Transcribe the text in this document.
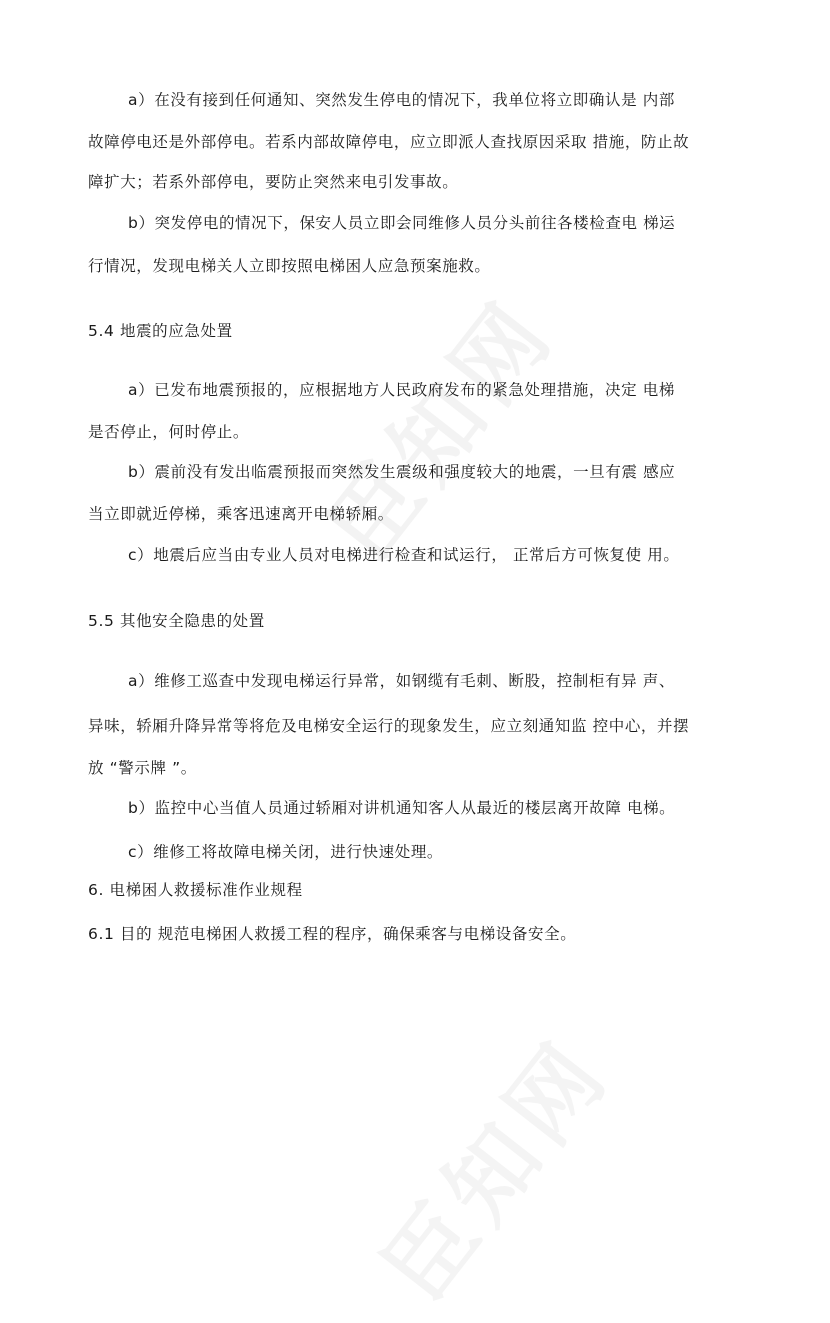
a）在没有接到任何通知、突然发生停电的情况下，我单位将立即确认是 内部
故障停电还是外部停电。若系内部故障停电，应立即派人查找原因采取 措施，防止故
障扩大；若系外部停电，要防止突然来电引发事故。
b）突发停电的情况下，保安人员立即会同维修人员分头前往各楼检查电 梯运
行情况，发现电梯关人立即按照电梯困人应急预案施救。
5.4 地震的应急处置
a）已发布地震预报的，应根据地方人民政府发布的紧急处理措施，决定 电梯
是否停止，何时停止。
b）震前没有发出临震预报而突然发生震级和强度较大的地震，一旦有震 感应
当立即就近停梯，乘客迅速离开电梯轿厢。
c）地震后应当由专业人员对电梯进行检查和试运行， 正常后方可恢复使 用。
5.5 其他安全隐患的处置
a）维修工巡查中发现电梯运行异常，如钢缆有毛刺、断股，控制柜有异 声、
异味，轿厢升降异常等将危及电梯安全运行的现象发生，应立刻通知监 控中心，并摆
放 “警示牌 ”。
b）监控中心当值人员通过轿厢对讲机通知客人从最近的楼层离开故障 电梯。
c）维修工将故障电梯关闭，进行快速处理。
6. 电梯困人救援标准作业规程
6.1 目的 规范电梯困人救援工程的程序，确保乘客与电梯设备安全。
